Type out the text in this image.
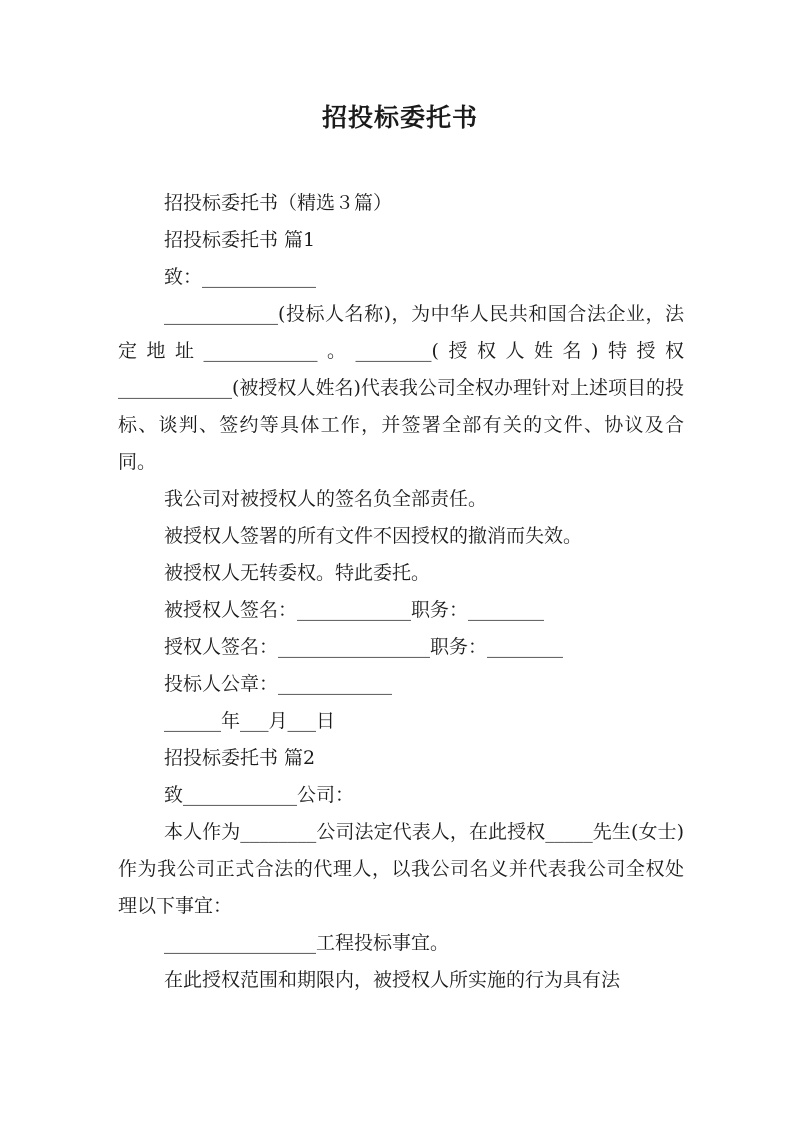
招投标委托书

招投标委托书（精选３篇）

招投标委托书 篇1

致：____________

____________(投标人名称)，为中华人民共和国合法企业，法定地址____________。________(授权人姓名)特授权____________(被授权人姓名)代表我公司全权办理针对上述项目的投标、谈判、签约等具体工作，并签署全部有关的文件、协议及合同。

我公司对被授权人的签名负全部责任。

被授权人签署的所有文件不因授权的撤消而失效。

被授权人无转委权。特此委托。

被授权人签名：____________职务：________

授权人签名：________________职务：________

投标人公章：____________

______年___月___日

招投标委托书 篇2

致____________公司：

本人作为________公司法定代表人，在此授权_____先生(女士)作为我公司正式合法的代理人，以我公司名义并代表我公司全权处理以下事宜：

________________工程投标事宜。

在此授权范围和期限内，被授权人所实施的行为具有法
